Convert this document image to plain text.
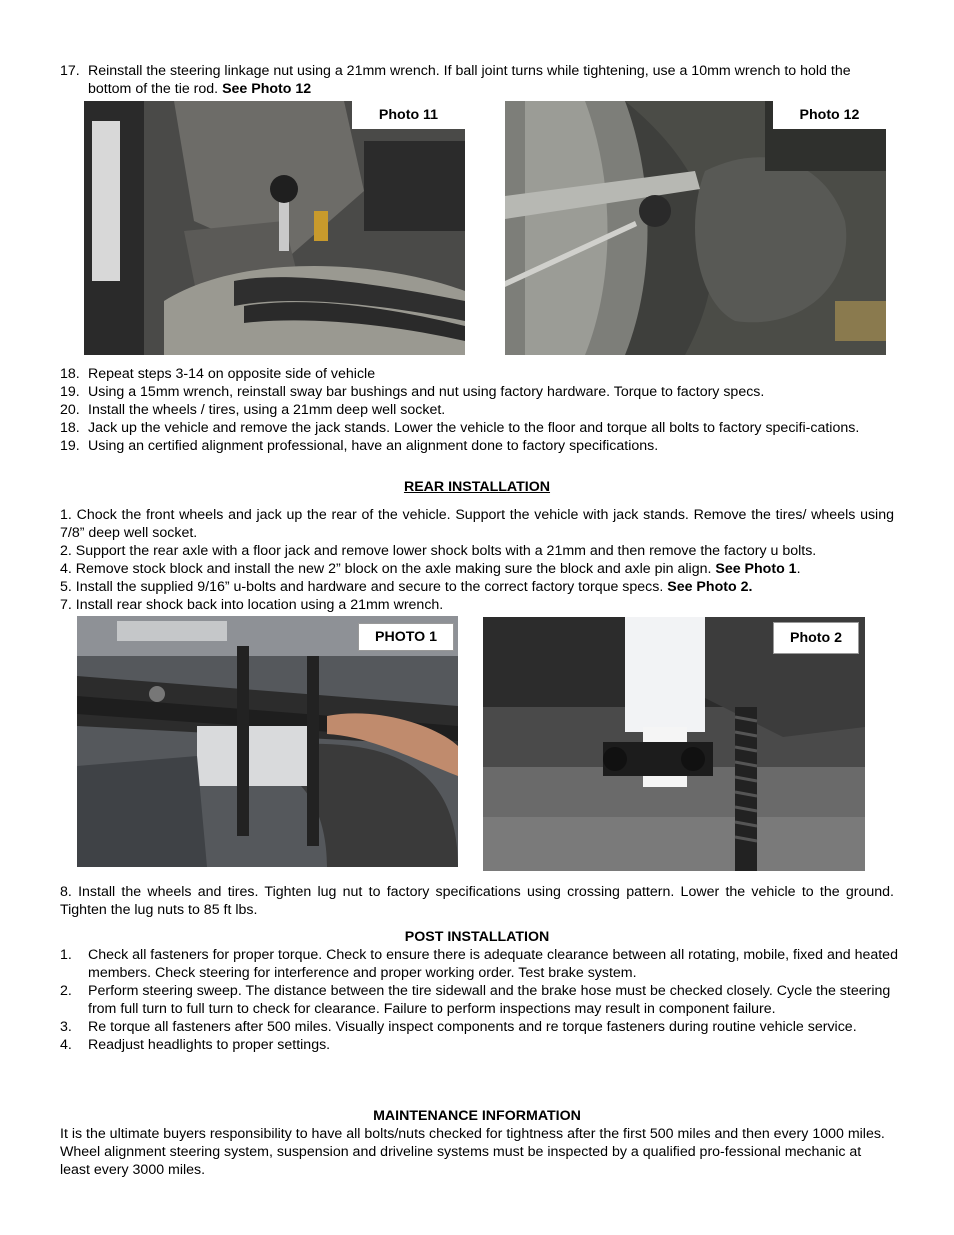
17. Reinstall the steering linkage nut using a 21mm wrench. If ball joint turns while tightening, use a 10mm wrench to hold the bottom of the tie rod. See Photo 12
Photo 11	Photo 12
18. Repeat steps 3-14 on opposite side of vehicle
19. Using a 15mm wrench, reinstall sway bar bushings and nut using factory hardware. Torque to factory specs.
20. Install the wheels / tires, using a 21mm deep well socket.
18. Jack up the vehicle and remove the jack stands. Lower the vehicle to the floor and torque all bolts to factory specifi-cations.
19. Using an certified alignment professional, have an alignment done to factory specifications.
REAR INSTALLATION
1. Chock the front wheels and jack up the rear of the vehicle. Support the vehicle with jack stands. Remove the tires/ wheels using 7/8” deep well socket.
2. Support the rear axle with a floor jack and remove lower shock bolts with a 21mm and then remove the factory u bolts.
4. Remove stock block and install the new 2” block on the axle making sure the block and axle pin align. See Photo 1.
5. Install the supplied 9/16” u-bolts and hardware and secure to the correct factory torque specs. See Photo 2.
7. Install rear shock back into location using a 21mm wrench.
PHOTO 1	Photo 2
8. Install the wheels and tires. Tighten lug nut to factory specifications using crossing pattern. Lower the vehicle to the ground. Tighten the lug nuts to 85 ft lbs.
POST INSTALLATION
1.	Check all fasteners for proper torque. Check to ensure there is adequate clearance between all rotating, mobile, fixed and heated members. Check steering for interference and proper working order. Test brake system.
2.	Perform steering sweep. The distance between the tire sidewall and the brake hose must be checked closely. Cycle the steering from full turn to full turn to check for clearance. Failure to perform inspections may result in component failure.
3.	Re torque all fasteners after 500 miles. Visually inspect components and re torque fasteners during routine vehicle service.
4.	Readjust headlights to proper settings.
MAINTENANCE INFORMATION
It is the ultimate buyers responsibility to have all bolts/nuts checked for tightness after the first 500 miles and then every 1000 miles. Wheel alignment steering system, suspension and driveline systems must be inspected by a qualified pro-fessional mechanic at least every 3000 miles.
